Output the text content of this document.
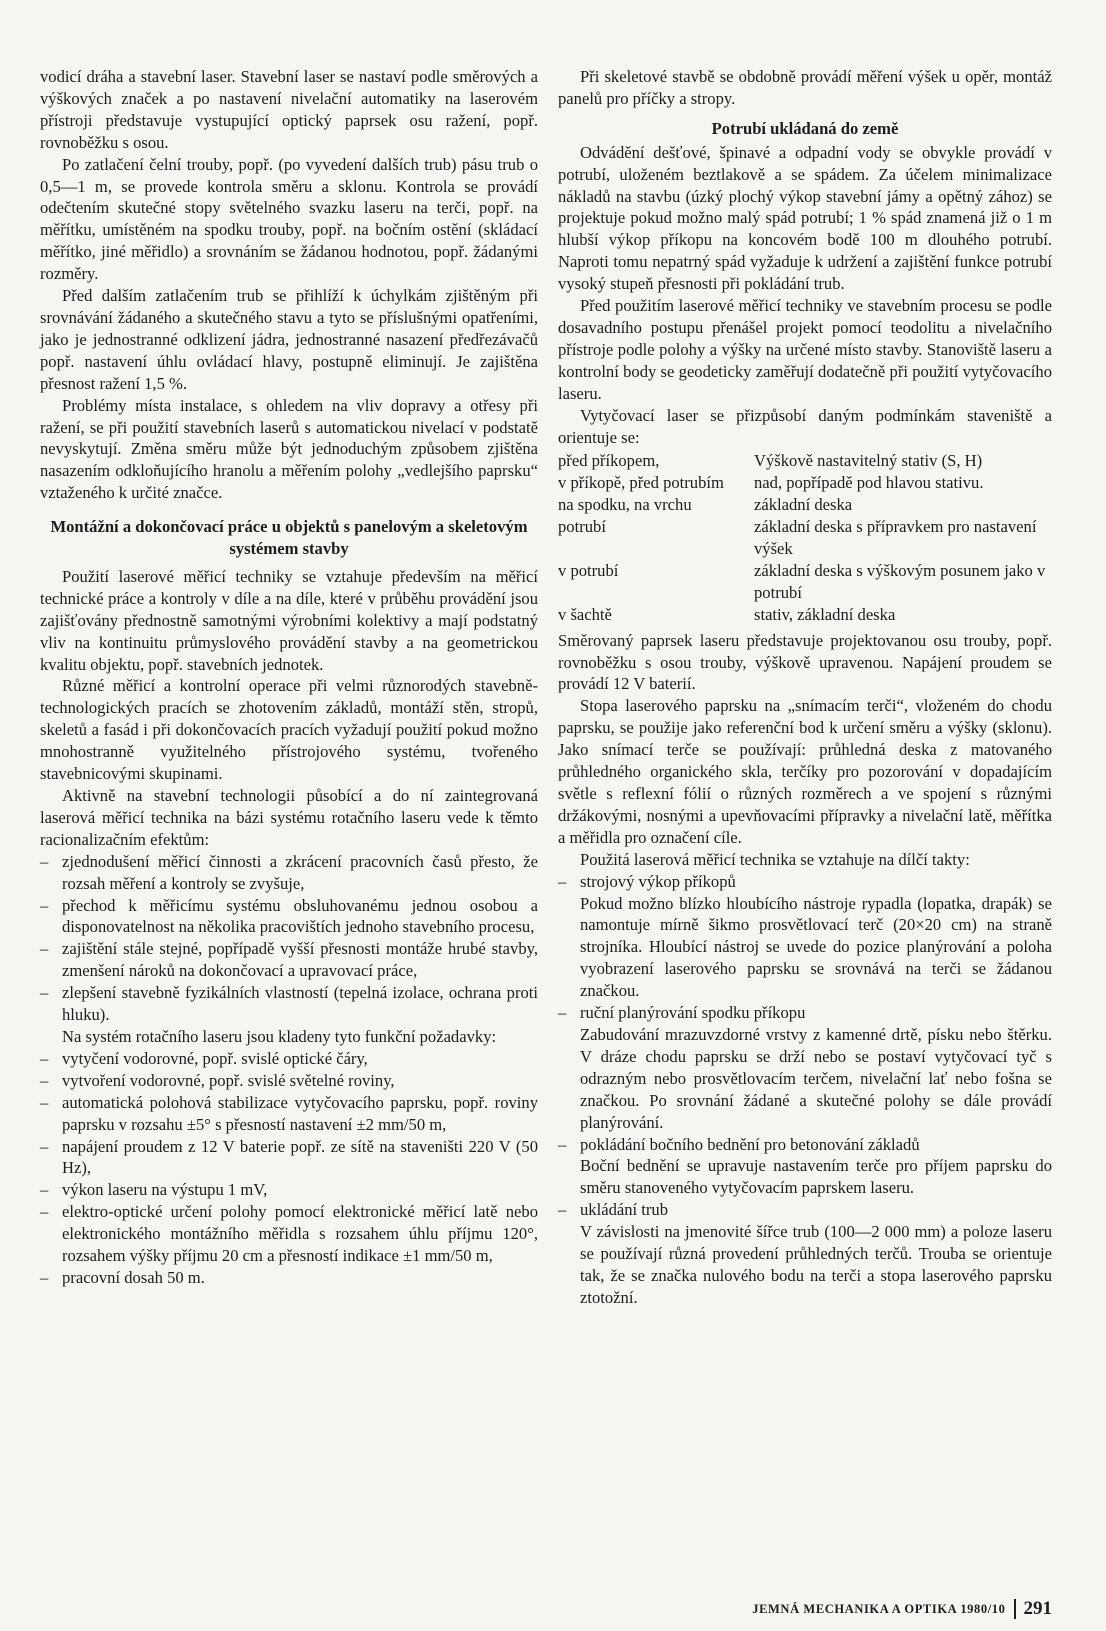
vodicí dráha a stavební laser. Stavební laser se nastaví podle směrových a výškových značek a po nastavení nivelační automatiky na laserovém přístroji představuje vystupující optický paprsek osu ražení, popř. rovnoběžku s osou.

Po zatlačení čelní trouby, popř. (po vyvedení dalších trub) pásu trub o 0,5—1 m, se provede kontrola směru a sklonu. Kontrola se provádí odečtením skutečné stopy světelného svazku laseru na terči, popř. na měřítku, umístěném na spodku trouby, popř. na bočním ostění (skládací měřítko, jiné měřidlo) a srovnáním se žádanou hodnotou, popř. žádanými rozměry.

Před dalším zatlačením trub se přihlíží k úchylkám zjištěným při srovnávání žádaného a skutečného stavu a tyto se příslušnými opatřeními, jako je jednostranné odklizení jádra, jednostranné nasazení předřezávačů popř. nastavení úhlu ovládací hlavy, postupně eliminují. Je zajištěna přesnost ražení 1,5 %.

Problémy místa instalace, s ohledem na vliv dopravy a otřesy při ražení, se při použití stavebních laserů s automatickou nivelací v podstatě nevyskytují. Změna směru může být jednoduchým způsobem zjištěna nasazením odkloňujícího hranolu a měřením polohy „vedlejšího paprsku“ vztaženého k určité značce.

Montážní a dokončovací práce u objektů s panelovým a skeletovým systémem stavby

Použití laserové měřicí techniky se vztahuje především na měřicí technické práce a kontroly v díle a na díle, které v průběhu provádění jsou zajišťovány přednostně samotnými výrobními kolektivy a mají podstatný vliv na kontinuitu průmyslového provádění stavby a na geometrickou kvalitu objektu, popř. stavebních jednotek.

Různé měřicí a kontrolní operace při velmi různorodých stavebně-technologických pracích se zhotovením základů, montáží stěn, stropů, skeletů a fasád i při dokončovacích pracích vyžadují použití pokud možno mnohostranně využitelného přístrojového systému, tvořeného stavebnicovými skupinami.

Aktivně na stavební technologii působící a do ní zaintegrovaná laserová měřicí technika na bázi systému rotačního laseru vede k těmto racionalizačním efektům:

– zjednodušení měřicí činnosti a zkrácení pracovních časů přesto, že rozsah měření a kontroly se zvyšuje,
– přechod k měřicímu systému obsluhovanému jednou osobou a disponovatelnost na několika pracovištích jednoho stavebního procesu,
– zajištění stále stejné, popřípadě vyšší přesnosti montáže hrubé stavby, zmenšení nároků na dokončovací a upravovací práce,
– zlepšení stavebně fyzikálních vlastností (tepelná izolace, ochrana proti hluku).

Na systém rotačního laseru jsou kladeny tyto funkční požadavky:

– vytyčení vodorovné, popř. svislé optické čáry,
– vytvoření vodorovné, popř. svislé světelné roviny,
– automatická polohová stabilizace vytyčovacího paprsku, popř. roviny paprsku v rozsahu ±5° s přesností nastavení ±2 mm/50 m,
– napájení proudem z 12 V baterie popř. ze sítě na staveništi 220 V (50 Hz),
– výkon laseru na výstupu 1 mV,
– elektro-optické určení polohy pomocí elektronické měřicí latě nebo elektronického montážního měřidla s rozsahem úhlu příjmu 120°, rozsahem výšky příjmu 20 cm a přesností indikace ±1 mm/50 m,
– pracovní dosah 50 m.

Při skeletové stavbě se obdobně provádí měření výšek u opěr, montáž panelů pro příčky a stropy.

Potrubí ukládaná do země

Odvádění dešťové, špinavé a odpadní vody se obvykle provádí v potrubí, uloženém beztlakově a se spádem. Za účelem minimalizace nákladů na stavbu (úzký plochý výkop stavební jámy a opětný zához) se projektuje pokud možno malý spád potrubí; 1 % spád znamená již o 1 m hlubší výkop příkopu na koncovém bodě 100 m dlouhého potrubí. Naproti tomu nepatrný spád vyžaduje k udržení a zajištění funkce potrubí vysoký stupeň přesnosti při pokládání trub.

Před použitím laserové měřicí techniky ve stavebním procesu se podle dosavadního postupu přenášel projekt pomocí teodolitu a nivelačního přístroje podle polohy a výšky na určené místo stavby. Stanoviště laseru a kontrolní body se geodeticky zaměřují dodatečně při použití vytyčovacího laseru.

Vytyčovací laser se přizpůsobí daným podmínkám staveniště a orientuje se:

před příkopem,	Výškově nastavitelný stativ (S, H)
v příkopě, před potrubím	nad, popřípadě pod hlavou stativu.
na spodku, na vrchu	základní deska
potrubí	základní deska s přípravkem pro nastavení výšek
v potrubí	základní deska s výškovým posunem jako v potrubí
v šachtě	stativ, základní deska

Směrovaný paprsek laseru představuje projektovanou osu trouby, popř. rovnoběžku s osou trouby, výškově upravenou. Napájení proudem se provádí 12 V baterií.

Stopa laserového paprsku na „snímacím terči“, vloženém do chodu paprsku, se použije jako referenční bod k určení směru a výšky (sklonu). Jako snímací terče se používají: průhledná deska z matovaného průhledného organického skla, terčíky pro pozorování v dopadajícím světle s reflexní fólií o různých rozměrech a ve spojení s různými držákovými, nosnými a upevňovacími přípravky a nivelační latě, měřítka a měřidla pro označení cíle.

Použitá laserová měřicí technika se vztahuje na dílčí takty:

– strojový výkop příkopů
Pokud možno blízko hloubícího nástroje rypadla (lopatka, drapák) se namontuje mírně šikmo prosvětlovací terč (20×20 cm) na straně strojníka. Hloubící nástroj se uvede do pozice planýrování a poloha vyobrazení laserového paprsku se srovnává na terči se žádanou značkou.
– ruční planýrování spodku příkopu
Zabudování mrazuvzdorné vrstvy z kamenné drtě, písku nebo štěrku. V dráze chodu paprsku se drží nebo se postaví vytyčovací tyč s odrazným nebo prosvětlovacím terčem, nivelační lať nebo fošna se značkou. Po srovnání žádané a skutečné polohy se dále provádí planýrování.
– pokládání bočního bednění pro betonování základů
Boční bednění se upravuje nastavením terče pro příjem paprsku do směru stanoveného vytyčovacím paprskem laseru.
– ukládání trub
V závislosti na jmenovité šířce trub (100—2 000 mm) a poloze laseru se používají různá provedení průhledných terčů. Trouba se orientuje tak, že se značka nulového bodu na terči a stopa laserového paprsku ztotožní.
JEMNÁ MECHANIKA A OPTIKA 1980/10 291
